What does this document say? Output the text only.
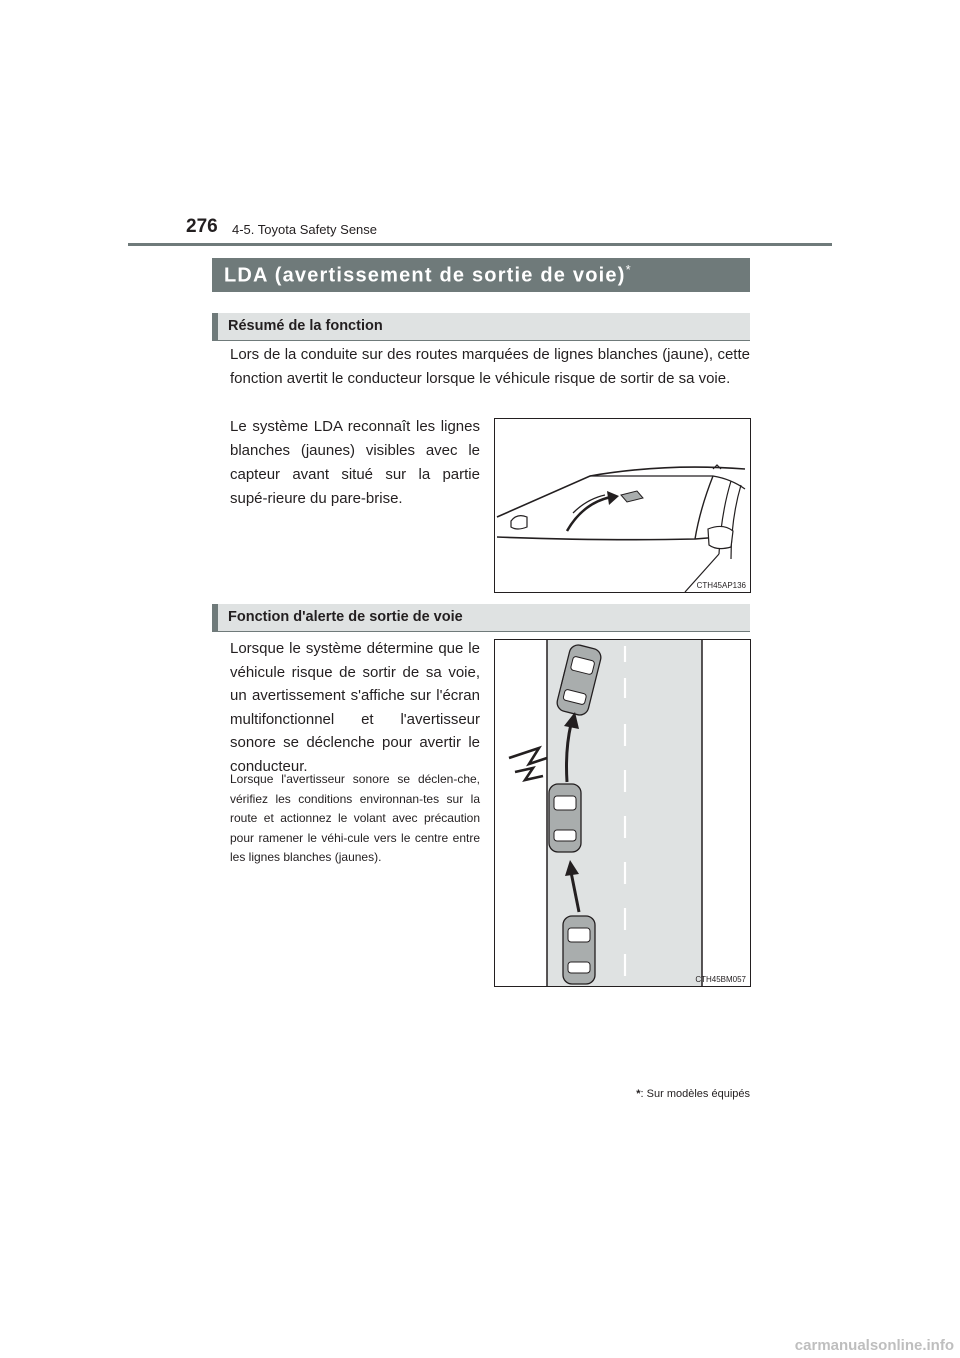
276 4-5. Toyota Safety Sense
LDA (avertissement de sortie de voie)*
Résumé de la fonction

Lors de la conduite sur des routes marquées de lignes blanches (jaune), cette fonction avertit le conducteur lorsque le véhicule risque de sortir de sa voie.

Le système LDA reconnaît les lignes blanches (jaunes) visibles avec le capteur avant situé sur la partie supé-rieure du pare-brise.

CTH45AP136
Fonction d'alerte de sortie de voie

Lorsque le système détermine que le véhicule risque de sortir de sa voie, un avertissement s'affiche sur l'écran multifonctionnel et l'avertisseur sonore se déclenche pour avertir le conducteur.

Lorsque l'avertisseur sonore se déclen-che, vérifiez les conditions environnan-tes sur la route et actionnez le volant avec précaution pour ramener le véhi-cule vers le centre entre les lignes blanches (jaunes).

CTH45BM057
*: Sur modèles équipés
carmanualsonline.info
